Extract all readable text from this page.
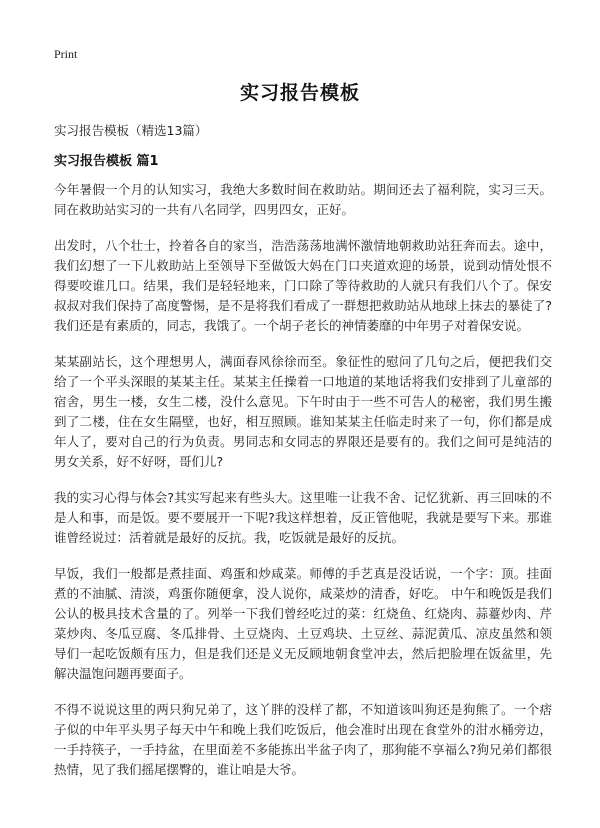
Print
实习报告模板
实习报告模板（精选13篇）
实习报告模板 篇1

今年暑假一个月的认知实习，我绝大多数时间在救助站。期间还去了福利院，实习三天。同在救助站实习的一共有八名同学，四男四女，正好。

出发时，八个壮士，拎着各自的家当，浩浩荡荡地满怀激情地朝救助站狂奔而去。途中，我们幻想了一下儿救助站上至领导下至做饭大妈在门口夹道欢迎的场景，说到动情处恨不得要咬谁几口。结果，我们是轻轻地来，门口除了等待救助的人就只有我们八个了。保安叔叔对我们保持了高度警惕，是不是将我们看成了一群想把救助站从地球上抹去的暴徒了?我们还是有素质的，同志，我饿了。一个胡子老长的神情萎靡的中年男子对着保安说。

某某副站长，这个理想男人，满面春风徐徐而至。象征性的慰问了几句之后，便把我们交给了一个平头深眼的某某主任。某某主任操着一口地道的某地话将我们安排到了儿童部的宿舍，男生一楼，女生二楼，没什么意见。下午时由于一些不可告人的秘密，我们男生搬到了二楼，住在女生隔壁，也好，相互照顾。谁知某某主任临走时来了一句，你们都是成年人了，要对自己的行为负责。男同志和女同志的界限还是要有的。我们之间可是纯洁的男女关系，好不好呀，哥们儿?

我的实习心得与体会?其实写起来有些头大。这里唯一让我不舍、记忆犹新、再三回味的不是人和事，而是饭。要不要展开一下呢?我这样想着，反正管他呢，我就是要写下来。那谁谁曾经说过：活着就是最好的反抗。我，吃饭就是最好的反抗。

早饭，我们一般都是煮挂面、鸡蛋和炒咸菜。师傅的手艺真是没话说，一个字：顶。挂面煮的不油腻、清淡，鸡蛋你随便拿，没人说你，咸菜炒的清香，好吃。 中午和晚饭是我们公认的极具技术含量的了。列举一下我们曾经吃过的菜：红烧鱼、红烧肉、蒜薹炒肉、芹菜炒肉、冬瓜豆腐、冬瓜排骨、土豆烧肉、土豆鸡块、土豆丝、蒜泥黄瓜、凉皮虽然和领导们一起吃饭颇有压力，但是我们还是义无反顾地朝食堂冲去，然后把脸埋在饭盆里，先解决温饱问题再要面子。

不得不说说这里的两只狗兄弟了，这丫胖的没样了都，不知道该叫狗还是狗熊了。一个痞子似的中年平头男子每天中午和晚上我们吃饭后，他会准时出现在食堂外的泔水桶旁边，一手持筷子，一手持盆，在里面差不多能拣出半盆子肉了，那狗能不享福么?狗兄弟们都很热情，见了我们摇尾摆臀的，谁让咱是大爷。
